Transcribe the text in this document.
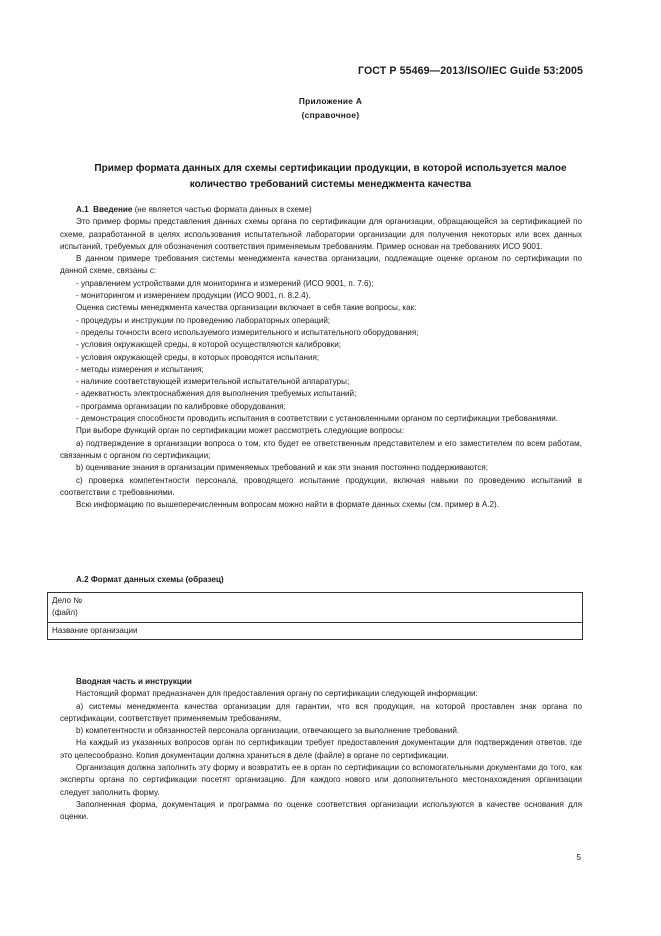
ГОСТ Р 55469—2013/ISO/IEC Guide 53:2005
Приложение А
(справочное)
Пример формата данных для схемы сертификации продукции, в которой используется малое
количество требований системы менеджмента качества

А.1 Введение (не является частью формата данных в схеме)

Это пример формы представления данных схемы органа по сертификации для организации, обращающейся за сертификацией по схеме, разработанной в целях использования испытательной лаборатории организации для получения некоторых или всех данных испытаний, требуемых для обозначения соответствия применяемым требованиям. Пример основан на требованиях ИСО 9001.

В данном примере требования системы менеджмента качества организации, подлежащие оценке органом по сертификации по данной схеме, связаны с:

- управлением устройствами для мониторинга и измерений (ИСО 9001, п. 7.6);

- мониторингом и измерением продукции (ИСО 9001, п. 8.2.4).

Оценка системы менеджмента качества организации включает в себя такие вопросы, как:

- процедуры и инструкции по проведению лабораторных операций;

- пределы точности всего используемого измерительного и испытательного оборудования;

- условия окружающей среды, в которой осуществляются калибровки;

- условия окружающей среды, в которых проводятся испытания;

- методы измерения и испытания;

- наличие соответствующей измерительной испытательной аппаратуры;

- адекватность электроснабжения для выполнения требуемых испытаний;

- программа организации по калибровке оборудования;

- демонстрация способности проводить испытания в соответствии с установленными органом по сертификации требованиями.

При выборе функций орган по сертификации может рассмотреть следующие вопросы:

a) подтверждение в организации вопроса о том, кто будет ее ответственным представителем и его заместителем по всем работам, связанным с органом по сертификации;

b) оценивание знания в организации применяемых требований и как эти знания постоянно поддерживаются;

c) проверка компетентности персонала, проводящего испытание продукции, включая навыки по проведению испытаний в соответствии с требованиями.

Всю информацию по вышеперечисленным вопросам можно найти в формате данных схемы (см. пример в А.2).

А.2 Формат данных схемы (образец)

Дело №
(файл)
Название организации

Вводная часть и инструкции

Настоящий формат предназначен для предоставления органу по сертификации следующей информации:

a) системы менеджмента качества организации для гарантии, что вся продукция, на которой проставлен знак органа по сертификации, соответствует применяемым требованиям,

b) компетентности и обязанностей персонала организации, отвечающего за выполнение требований.

На каждый из указанных вопросов орган по сертификации требует предоставления документации для подтверждения ответов, где это целесообразно. Копия документации должна храниться в деле (файле) в органе по сертификации.

Организация должна заполнить эту форму и возвратить ее в орган по сертификации со вспомогательными документами до того, как эксперты органа по сертификации посетят организацию. Для каждого нового или дополнительного местонахождения организации следует заполнить форму.

Заполненная форма, документация и программа по оценке соответствия организации используются в качестве основания для оценки.

5
